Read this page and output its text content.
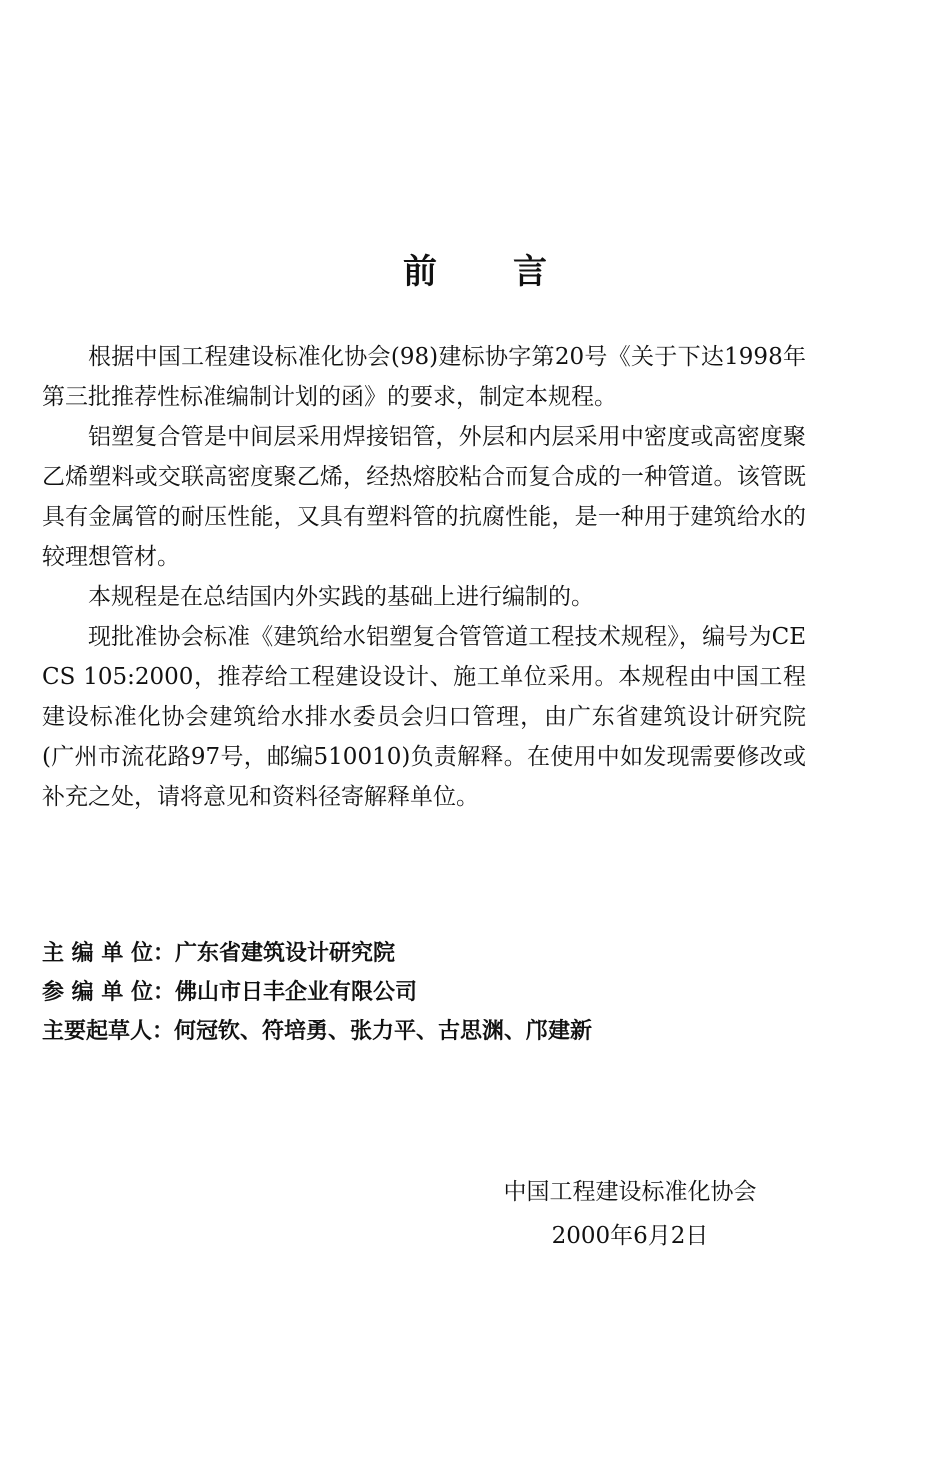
前 言

根据中国工程建设标准化协会(98)建标协字第20号《关于下达1998年第三批推荐性标准编制计划的函》的要求，制定本规程。

铝塑复合管是中间层采用焊接铝管，外层和内层采用中密度或高密度聚乙烯塑料或交联高密度聚乙烯，经热熔胶粘合而复合成的一种管道。该管既具有金属管的耐压性能，又具有塑料管的抗腐性能，是一种用于建筑给水的较理想管材。

本规程是在总结国内外实践的基础上进行编制的。

现批准协会标准《建筑给水铝塑复合管管道工程技术规程》，编号为CECS 105:2000，推荐给工程建设设计、施工单位采用。本规程由中国工程建设标准化协会建筑给水排水委员会归口管理，由广东省建筑设计研究院(广州市流花路97号，邮编510010)负责解释。在使用中如发现需要修改或补充之处，请将意见和资料径寄解释单位。

主 编 单 位：广东省建筑设计研究院
参 编 单 位：佛山市日丰企业有限公司
主要起草人：何冠钦、符培勇、张力平、古思渊、邝建新
中国工程建设标准化协会
2000年6月2日
